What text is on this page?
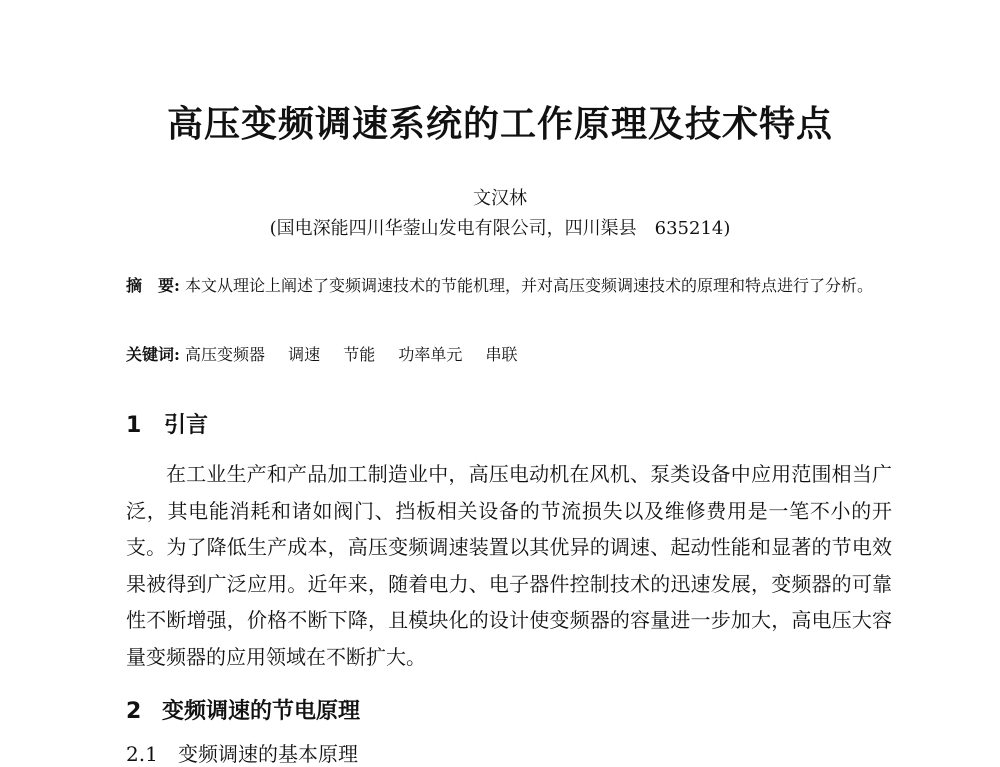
高压变频调速系统的工作原理及技术特点
文汉林
(国电深能四川华蓥山发电有限公司，四川渠县　635214)
摘　要: 本文从理论上阐述了变频调速技术的节能机理，并对高压变频调速技术的原理和特点进行了分析。
关键词: 高压变频器 调速 节能 功率单元 串联
1 引言
在工业生产和产品加工制造业中，高压电动机在风机、泵类设备中应用范围相当广泛，其电能消耗和诸如阀门、挡板相关设备的节流损失以及维修费用是一笔不小的开支。为了降低生产成本，高压变频调速装置以其优异的调速、起动性能和显著的节电效果被得到广泛应用。近年来，随着电力、电子器件控制技术的迅速发展，变频器的可靠性不断增强，价格不断下降，且模块化的设计使变频器的容量进一步加大，高电压大容量变频器的应用领域在不断扩大。
2 变频调速的节电原理
2.1 变频调速的基本原理
